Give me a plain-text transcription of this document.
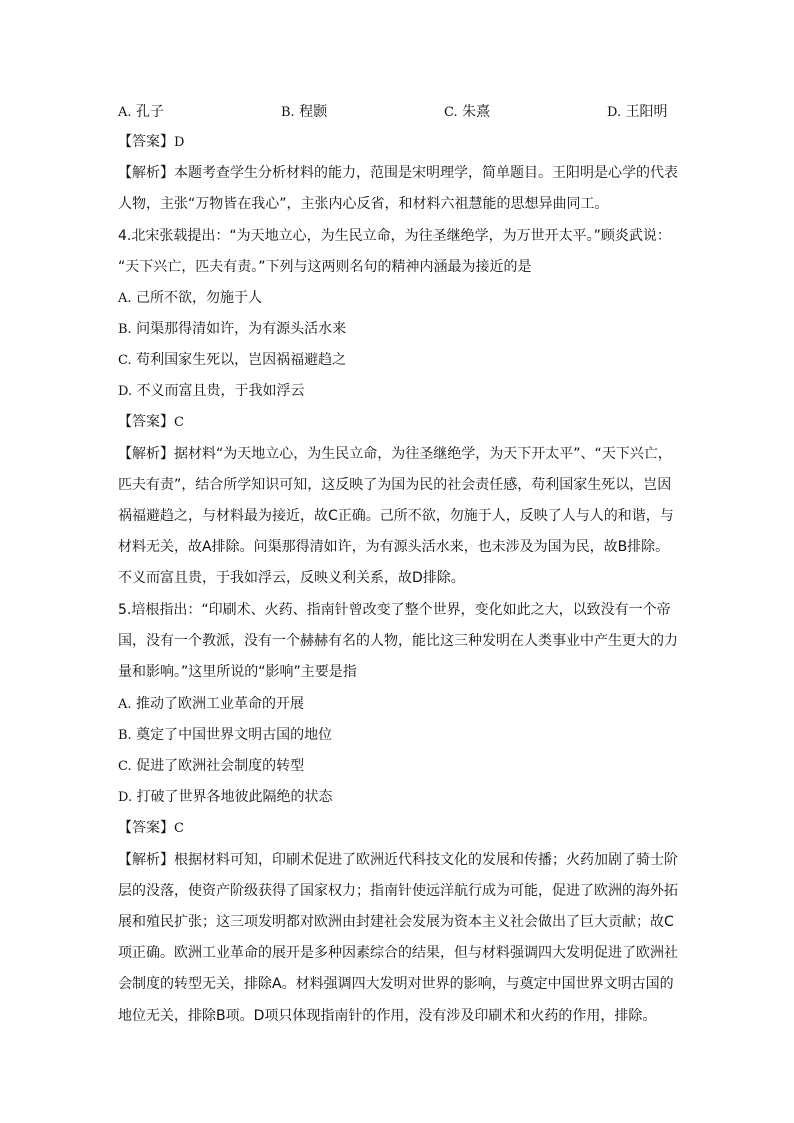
A. 孔子	B. 程颢	C. 朱熹	D. 王阳明
【答案】D
【解析】本题考查学生分析材料的能力，范围是宋明理学，简单题目。王阳明是心学的代表
人物，主张“万物皆在我心”，主张内心反省，和材料六祖慧能的思想异曲同工。
4.北宋张载提出：“为天地立心，为生民立命，为往圣继绝学，为万世开太平。”顾炎武说：
“天下兴亡，匹夫有责。”下列与这两则名句的精神内涵最为接近的是
A. 己所不欲，勿施于人
B. 问渠那得清如许，为有源头活水来
C. 苟利国家生死以，岂因祸福避趋之
D. 不义而富且贵，于我如浮云
【答案】C
【解析】据材料“为天地立心，为生民立命，为往圣继绝学，为天下开太平”、“天下兴亡，
匹夫有责”，结合所学知识可知，这反映了为国为民的社会责任感，苟利国家生死以，岂因
祸福避趋之，与材料最为接近，故C正确。己所不欲，勿施于人，反映了人与人的和谐，与
材料无关，故A排除。问渠那得清如许，为有源头活水来，也未涉及为国为民，故B排除。
不义而富且贵，于我如浮云，反映义利关系，故D排除。
5.培根指出：“印刷术、火药、指南针曾改变了整个世界，变化如此之大，以致没有一个帝
国，没有一个教派，没有一个赫赫有名的人物，能比这三种发明在人类事业中产生更大的力
量和影响。”这里所说的“影响”主要是指
A. 推动了欧洲工业革命的开展
B. 奠定了中国世界文明古国的地位
C. 促进了欧洲社会制度的转型
D. 打破了世界各地彼此隔绝的状态
【答案】C
【解析】根据材料可知，印刷术促进了欧洲近代科技文化的发展和传播；火药加剧了骑士阶
层的没落，使资产阶级获得了国家权力；指南针使远洋航行成为可能，促进了欧洲的海外拓
展和殖民扩张；这三项发明都对欧洲由封建社会发展为资本主义社会做出了巨大贡献；故C
项正确。欧洲工业革命的展开是多种因素综合的结果，但与材料强调四大发明促进了欧洲社
会制度的转型无关，排除A。材料强调四大发明对世界的影响，与奠定中国世界文明古国的
地位无关，排除B项。D项只体现指南针的作用，没有涉及印刷术和火药的作用，排除。
